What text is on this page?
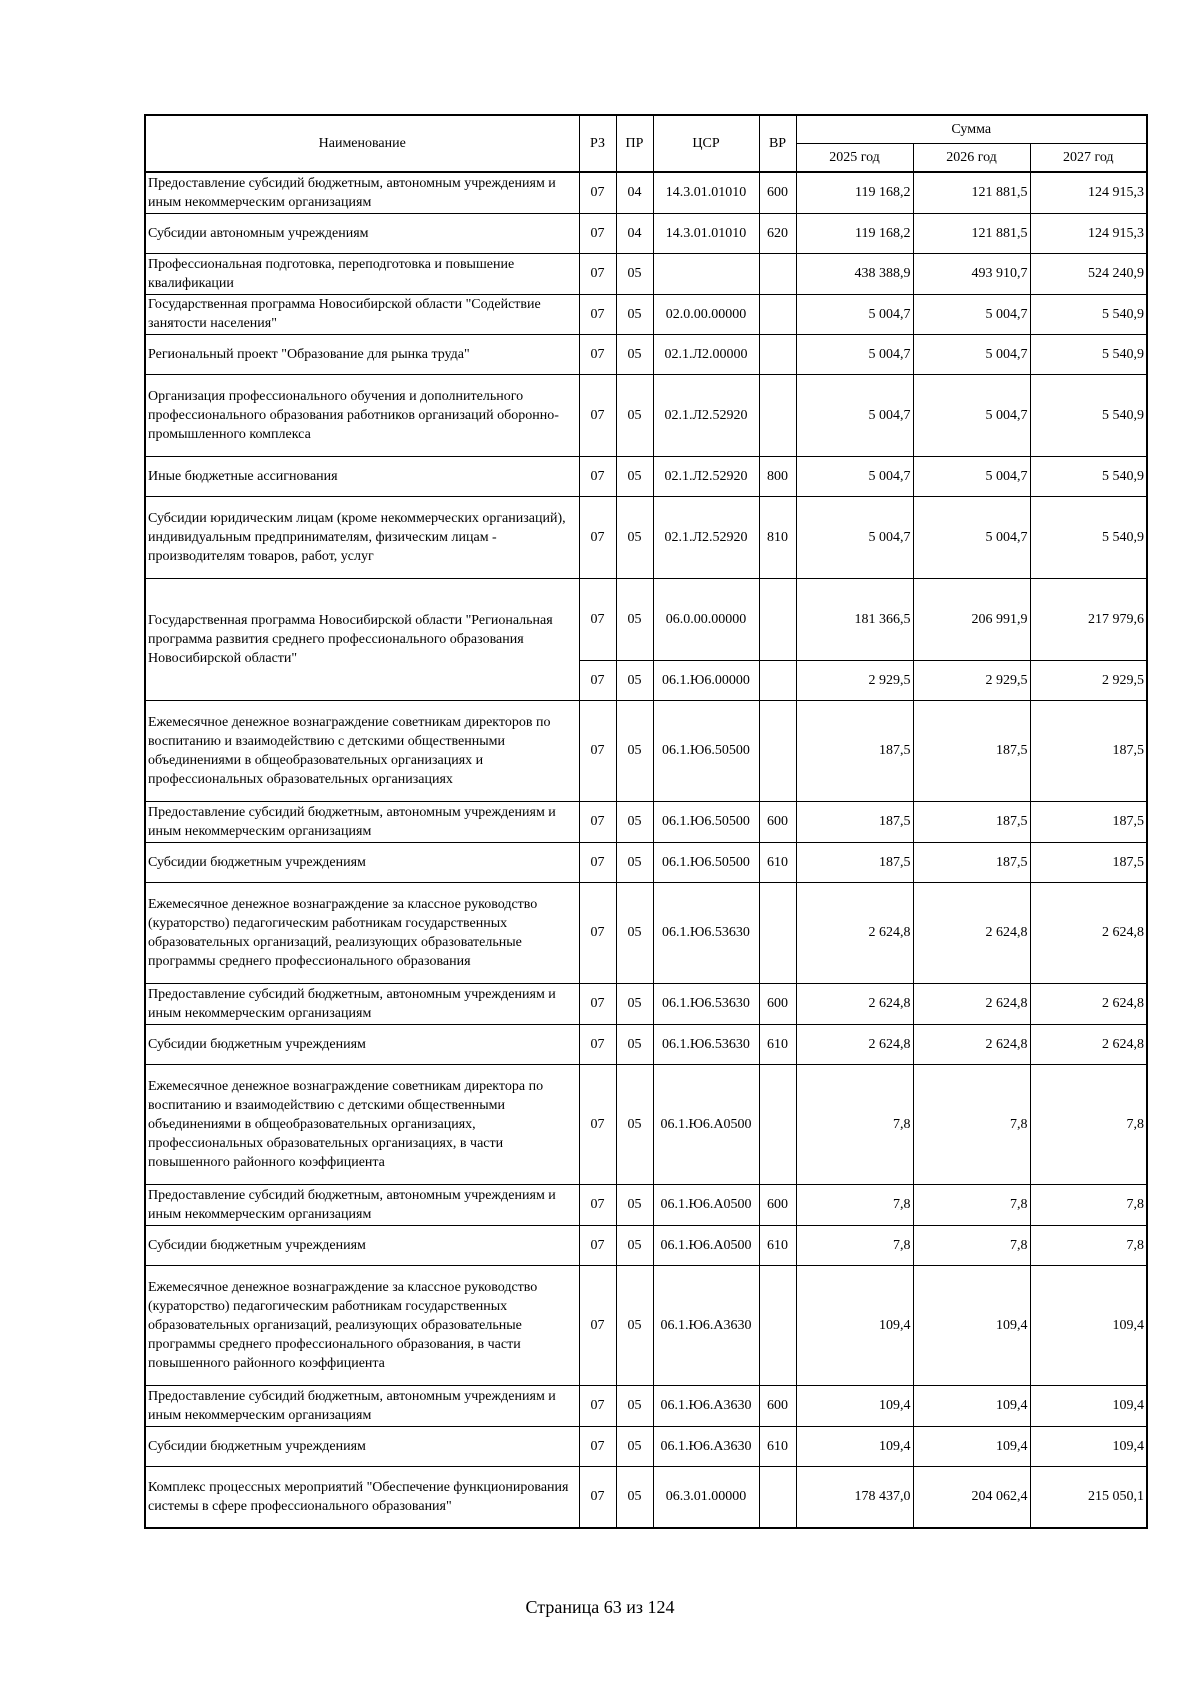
Наименование	РЗ	ПР	ЦСР	ВР	Сумма		
					2025 год	2026 год	2027 год
Предоставление субсидий бюджетным, автономным учреждениям и иным некоммерческим организациям	07	04	14.3.01.01010	600	119 168,2	121 881,5	124 915,3
Субсидии автономным учреждениям	07	04	14.3.01.01010	620	119 168,2	121 881,5	124 915,3
Профессиональная подготовка, переподготовка и повышение квалификации	07	05			438 388,9	493 910,7	524 240,9
Государственная программа Новосибирской области "Содействие занятости населения"	07	05	02.0.00.00000		5 004,7	5 004,7	5 540,9
Региональный проект "Образование для рынка труда"	07	05	02.1.Л2.00000		5 004,7	5 004,7	5 540,9
Организация профессионального обучения и дополнительного профессионального образования работников организаций оборонно-промышленного комплекса	07	05	02.1.Л2.52920		5 004,7	5 004,7	5 540,9
Иные бюджетные ассигнования	07	05	02.1.Л2.52920	800	5 004,7	5 004,7	5 540,9
Субсидии юридическим лицам (кроме некоммерческих организаций), индивидуальным предпринимателям, физическим лицам - производителям товаров, работ, услуг	07	05	02.1.Л2.52920	810	5 004,7	5 004,7	5 540,9
Государственная программа Новосибирской области "Региональная программа развития среднего профессионального образования Новосибирской области"	07	05	06.0.00.00000		181 366,5	206 991,9	217 979,6
	07	05	06.1.Ю6.00000		2 929,5	2 929,5	2 929,5
Ежемесячное денежное вознаграждение советникам директоров по воспитанию и взаимодействию с детскими общественными объединениями в общеобразовательных организациях и профессиональных образовательных организациях	07	05	06.1.Ю6.50500		187,5	187,5	187,5
Предоставление субсидий бюджетным, автономным учреждениям и иным некоммерческим организациям	07	05	06.1.Ю6.50500	600	187,5	187,5	187,5
Субсидии бюджетным учреждениям	07	05	06.1.Ю6.50500	610	187,5	187,5	187,5
Ежемесячное денежное вознаграждение за классное руководство (кураторство) педагогическим работникам государственных образовательных организаций, реализующих образовательные программы среднего профессионального образования	07	05	06.1.Ю6.53630		2 624,8	2 624,8	2 624,8
Предоставление субсидий бюджетным, автономным учреждениям и иным некоммерческим организациям	07	05	06.1.Ю6.53630	600	2 624,8	2 624,8	2 624,8
Субсидии бюджетным учреждениям	07	05	06.1.Ю6.53630	610	2 624,8	2 624,8	2 624,8
Ежемесячное денежное вознаграждение советникам директора по воспитанию и взаимодействию с детскими общественными объединениями в общеобразовательных организациях, профессиональных образовательных организациях, в части повышенного районного коэффициента	07	05	06.1.Ю6.А0500		7,8	7,8	7,8
Предоставление субсидий бюджетным, автономным учреждениям и иным некоммерческим организациям	07	05	06.1.Ю6.А0500	600	7,8	7,8	7,8
Субсидии бюджетным учреждениям	07	05	06.1.Ю6.А0500	610	7,8	7,8	7,8
Ежемесячное денежное вознаграждение за классное руководство (кураторство) педагогическим работникам государственных образовательных организаций, реализующих образовательные программы среднего профессионального образования, в части повышенного районного коэффициента	07	05	06.1.Ю6.А3630		109,4	109,4	109,4
Предоставление субсидий бюджетным, автономным учреждениям и иным некоммерческим организациям	07	05	06.1.Ю6.А3630	600	109,4	109,4	109,4
Субсидии бюджетным учреждениям	07	05	06.1.Ю6.А3630	610	109,4	109,4	109,4
Комплекс процессных мероприятий "Обеспечение функционирования системы в сфере профессионального образования"	07	05	06.3.01.00000		178 437,0	204 062,4	215 050,1
Страница 63 из 124
